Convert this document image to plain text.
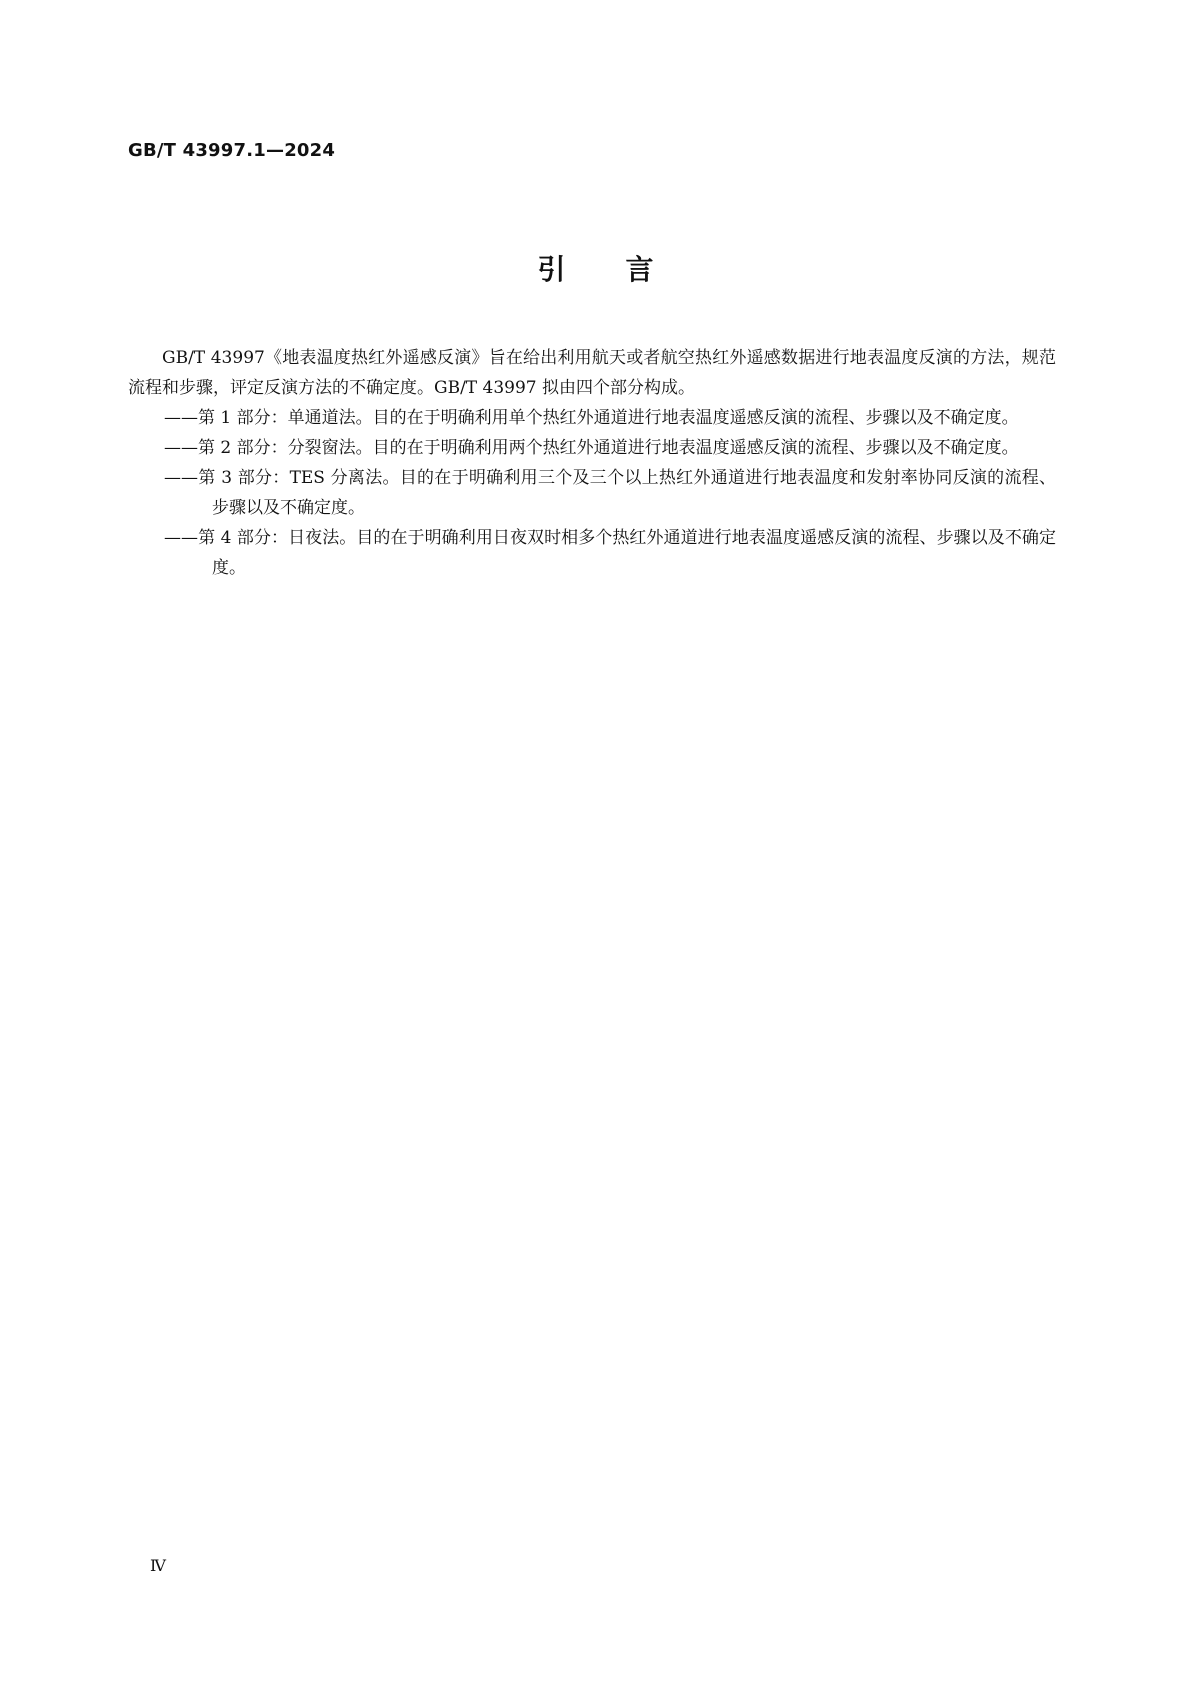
GB/T 43997.1—2024
引言

GB/T 43997《地表温度热红外遥感反演》旨在给出利用航天或者航空热红外遥感数据进行地表温度反演的方法，规范流程和步骤，评定反演方法的不确定度。GB/T 43997 拟由四个部分构成。

——第 1 部分：单通道法。目的在于明确利用单个热红外通道进行地表温度遥感反演的流程、步骤以及不确定度。
——第 2 部分：分裂窗法。目的在于明确利用两个热红外通道进行地表温度遥感反演的流程、步骤以及不确定度。
——第 3 部分：TES 分离法。目的在于明确利用三个及三个以上热红外通道进行地表温度和发射率协同反演的流程、步骤以及不确定度。
——第 4 部分：日夜法。目的在于明确利用日夜双时相多个热红外通道进行地表温度遥感反演的流程、步骤以及不确定度。
Ⅳ
